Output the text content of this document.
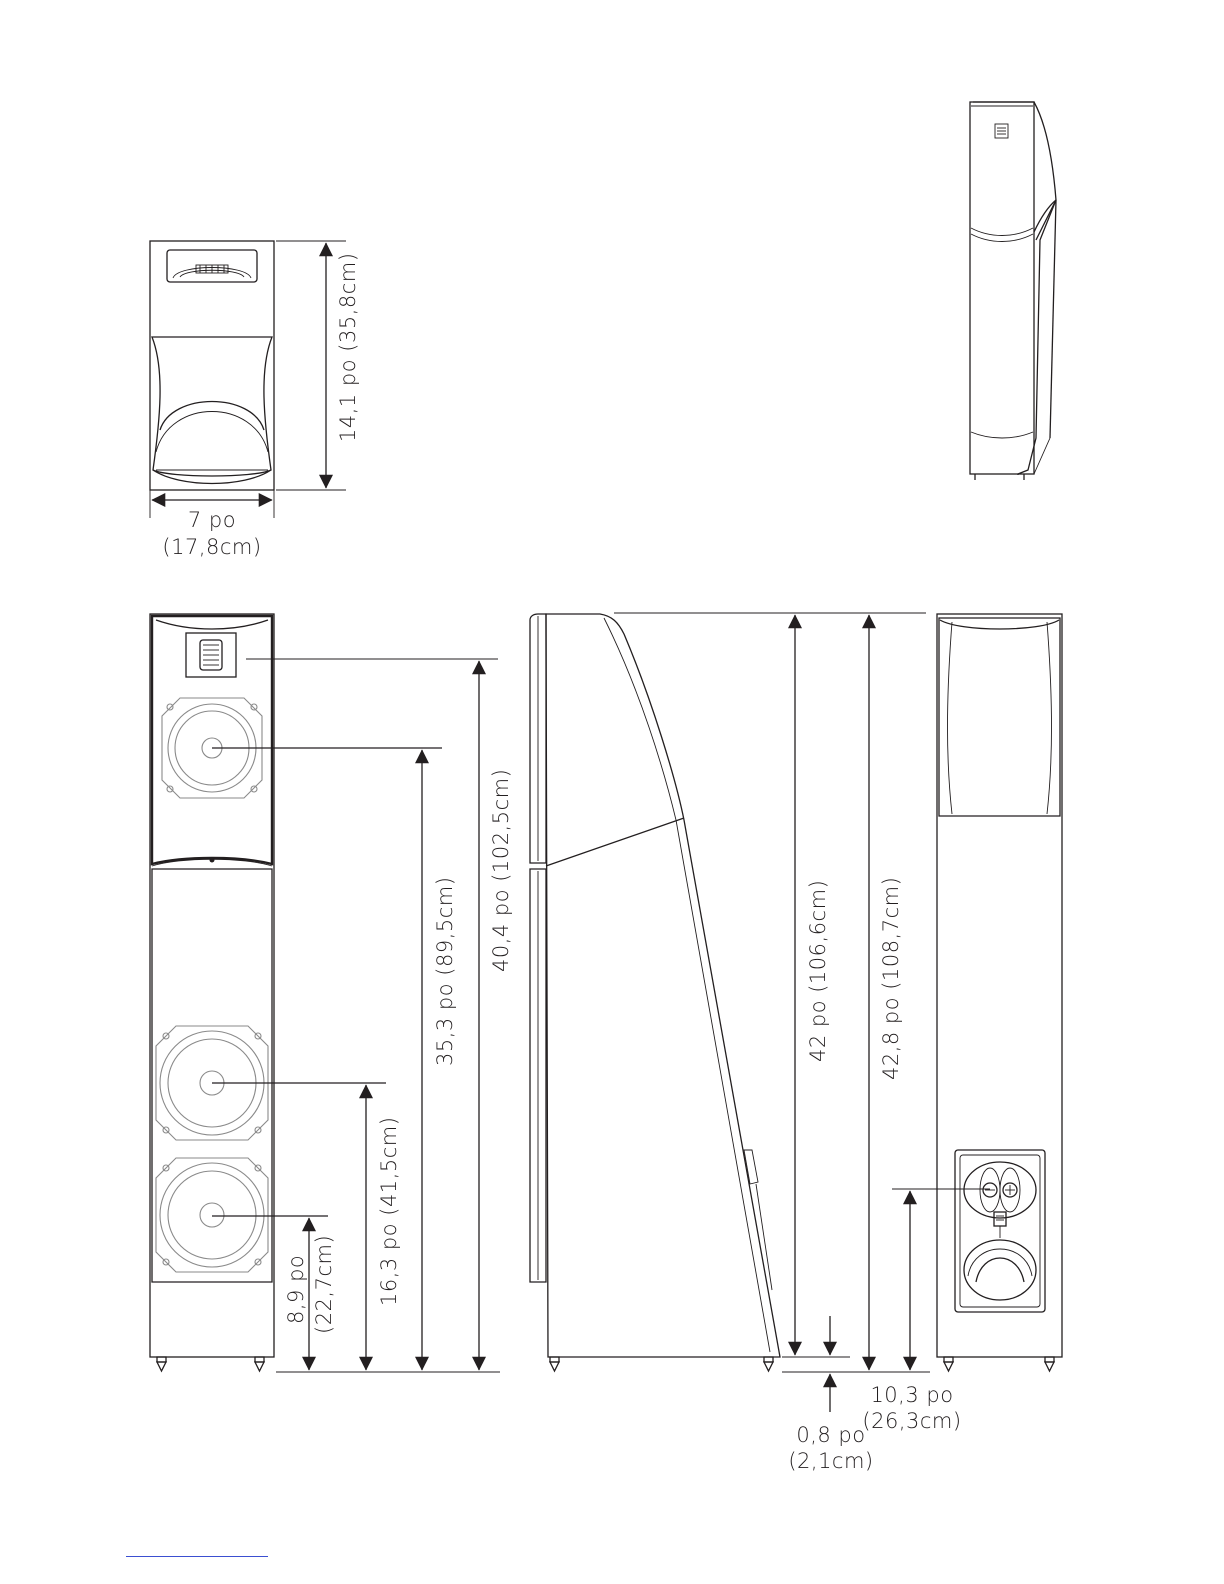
14,1 po (35,8cm)
7 po
(17,8cm)
40,4 po (102,5cm)
35,3 po (89,5cm)
16,3 po (41,5cm)
8,9 po (22,7cm)
42 po (106,6cm)
0,8 po
(2,1cm)
42,8 po (108,7cm)
10,3 po
(26,3cm)
